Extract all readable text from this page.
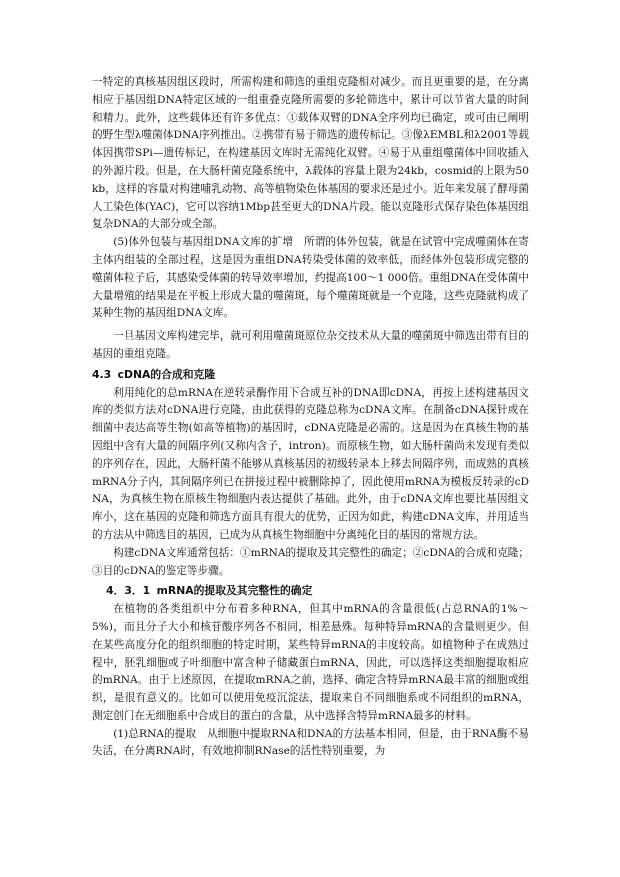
一特定的真核基因组区段时，所需构建和筛选的重组克隆相对减少。而且更重要的是，在分离相应于基因组DNA特定区域的一组重叠克隆所需要的多轮筛选中，累计可以节省大量的时间和精力。此外，这些载体还有许多优点：①载体双臂的DNA全序列均已确定，或可由已阐明的野生型λ噬菌体DNA序列推出。②携带有易于筛选的遗传标记。③像λEMBL和λ2001等载体因携带SPi—遗传标记，在构建基因文库时无需纯化双臂。④易于从重组噬菌体中回收插入的外源片段。但是，在大肠杆菌克隆系统中，λ载体的容量上限为24kb，cosmid的上限为50kb，这样的容量对构建哺乳动物、高等植物染色体基因的要求还是过小。近年来发展了酵母菌人工染色体(YAC)，它可以容纳1Mbp甚至更大的DNA片段。能以克隆形式保存染色体基因组复杂DNA的大部分或全部。

(5)体外包装与基因组DNA文库的扩增　所谓的体外包装，就是在试管中完成噬菌体在寄主体内组装的全部过程，这是因为重组DNA转染受体菌的效率低，而经体外包装形成完整的噬菌体粒子后，其感染受体菌的转导效率增加，约提高100～1 000倍。重组DNA在受体菌中大量增殖的结果是在平板上形成大量的噬菌斑，每个噬菌斑就是一个克隆，这些克隆就构成了某种生物的基因组DNA文库。

一旦基因文库构建完毕，就可利用噬菌斑原位杂交技术从大量的噬菌斑中筛选出带有目的基因的重组克隆。

4.3 cDNA的合成和克隆

利用纯化的总mRNA在逆转录酶作用下合成互补的DNA即cDNA，再按上述构建基因文库的类似方法对cDNA进行克隆，由此获得的克隆总称为cDNA文库。在制备cDNA探针或在细菌中表达高等生物(如高等植物)的基因时，cDNA克隆是必需的。这是因为在真核生物的基因组中含有大量的间隔序列(又称内含子，intron)。而原核生物，如大肠杆菌尚未发现有类似的序列存在，因此，大肠杆菌不能够从真核基因的初级转录本上移去间隔序列，而成熟的真核mRNA分子内，其间隔序列已在拼接过程中被删除掉了，因此使用mRNA为模板反转录的cDNA，为真核生物在原核生物细胞内表达提供了基础。此外，由于cDNA文库也要比基因组文库小，这在基因的克隆和筛选方面具有很大的优势，正因为如此，构建cDNA文库，并用适当的方法从中筛选目的基因，已成为从真核生物细胞中分离纯化目的基因的常规方法。

构建cDNA文库通常包括：①mRNA的提取及其完整性的确定；②cDNA的合成和克隆；③目的cDNA的鉴定等步骤。

4．3．1 mRNA的提取及其完整性的确定

在植物的各类组织中分布着多种RNA，但其中mRNA的含量很低(占总RNA的1%～5%)，而且分子大小和核苷酸序列各不相同，相差悬殊。每种特异mRNA的含量则更少。但在某些高度分化的组织细胞的特定时期，某些特异mRNA的丰度较高。如植物种子在成熟过程中，胚乳细胞或子叶细胞中富含种子储藏蛋白mRNA，因此，可以选择这类细胞提取相应的mRNA。由于上述原因，在提取mRNA之前，选择、确定含特异mRNA最丰富的细胞或组织，是很有意义的。比如可以使用免疫沉淀法，提取来自不同细胞系或不同组织的mRNA，测定创门在无细胞系中合成目的蛋白的含量，从中选择含特异mRNA最多的材料。

(1)总RNA的提取　从细胞中提取RNA和DNA的方法基本相同，但是，由于RNA酶不易失活，在分离RNA时，有效地抑制RNase的活性特别重要，为
